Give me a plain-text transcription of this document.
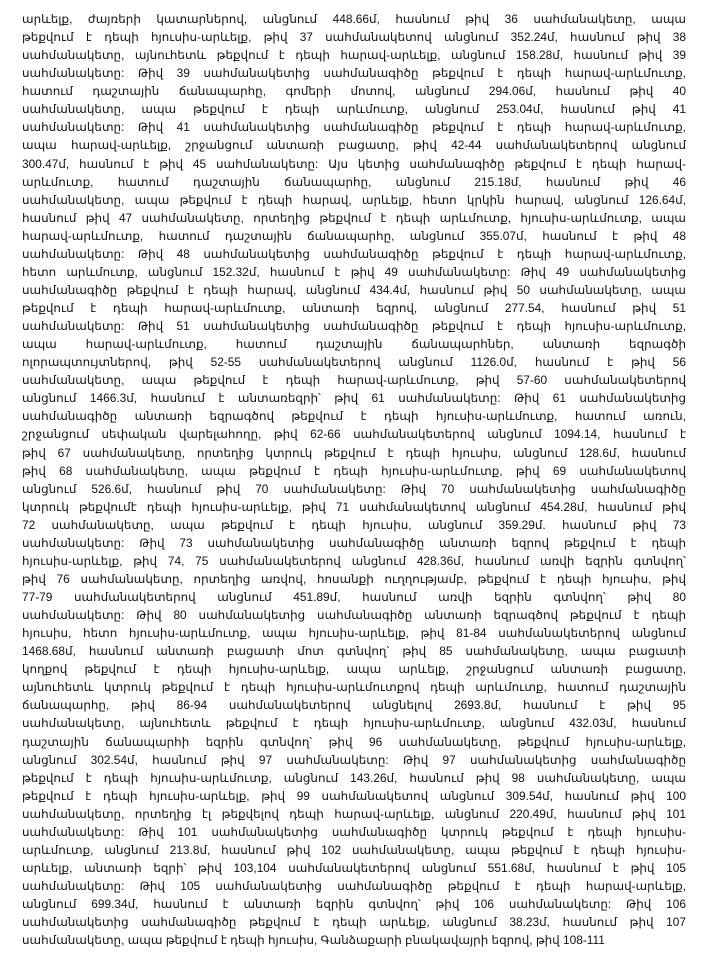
արևելք, ժայռերի կատարներով, անցնում 448.66մ, հասնում թիվ 36 սահմանակետը, ապա
թեքվում է դեպի հյուսիս-արևելք, թիվ 37 սահմանակետով անցնում 352.24մ, հասնում թիվ 38
սահմանակետը, այնուհետև թեքվում է դեպի հարավ-արևելք, անցնում 158.28մ, հասնում թիվ 39
սահմանակետը: Թիվ 39 սահմանակետից սահմանագիծը թեքվում է դեպի հարավ-արևմուտք,
հատում դաշտային ճանապարհը, գոմերի մոտով, անցնում 294.06մ, հասնում թիվ 40
սահմանակետը, ապա թեքվում է դեպի արևմուտք, անցնում 253.04մ, հասնում թիվ 41
սահմանակետը: Թիվ 41 սահմանակետից սահմանագիծը թեքվում է դեպի հարավ-արևմուտք,
ապա հարավ-արևելք, շրջանցում անտառի բացատը, թիվ 42-44 սահմանակետերով անցնում
300.47մ, հասնում է թիվ 45 սահմանակետը: Այս կետից սահմանագիծը թեքվում է դեպի հարավ-
արևմուտք, հատում դաշտային ճանապարհը, անցնում 215.18մ, հասնում թիվ 46
սահմանակետը, ապա թեքվում է դեպի հարավ, արևելք, հետո կրկին հարավ, անցնում 126.64մ,
հասնում թիվ 47 սահմանակետը, որտեղից թեքվում է դեպի արևմուտք, հյուսիս-արևմուտք, ապա
հարավ-արևմուտք, հատում դաշտային ճանապարհը, անցնում 355.07մ, հասնում է թիվ 48
սահմանակետը: Թիվ 48 սահմանակետից սահմանագիծը թեքվում է դեպի հարավ-արևմուտք,
հետո արևմուտք, անցնում 152.32մ, հասնում է թիվ 49 սահմանակետը: Թիվ 49 սահմանակետից
սահմանագիծը թեքվում է դեպի հարավ, անցնում 434.4մ, հասնում թիվ 50 սահմանակետը, ապա
թեքվում է դեպի հարավ-արևմուտք, անտառի եզրով, անցնում 277.54, հասնում թիվ 51
սահմանակետը: Թիվ 51 սահմանակետից սահմանագիծը թեքվում է դեպի հյուսիս-արևմուտք,
ապա հարավ-արևմուտք, հատում դաշտային ճանապարհներ, անտառի եզրագծի
ոլորապտույտներով, թիվ 52-55 սահմանակետերով անցնում 1126.0մ, հասնում է թիվ 56
սահմանակետը, ապա թեքվում է դեպի հարավ-արևմուտք, թիվ 57-60 սահմանակետերով
անցնում 1466.3մ, հասնում է անտառեզրի՝ թիվ 61 սահմանակետը: Թիվ 61 սահմանակետից
սահմանագիծը անտառի եզրագծով թեքվում է դեպի հյուսիս-արևմուտք, հատում առուն,
շրջանցում սեփական վարելահողը, թիվ 62-66 սահմանակետերով անցնում 1094.14, հասնում է
թիվ 67 սահմանակետը, որտեղից կտրուկ թեքվում է դեպի հյուսիս, անցնում 128.6մ, հասնում
թիվ 68 սահմանակետը, ապա թեքվում է դեպի հյուսիս-արևմուտք, թիվ 69 սահմանակետով
անցնում 526.6մ, հասնում թիվ 70 սահմանակետը: Թիվ 70 սահմանակետից սահմանագիծը
կտրուկ թեքվումէ դեպի հյուսիս-արևելք, թիվ 71 սահմանակետով անցնում 454.28մ, հասնում թիվ
72 սահմանակետը, ապա թեքվում է դեպի հյուսիս, անցնում 359.29մ. հասնում թիվ 73
սահմանակետը: Թիվ 73 սահմանակետից սահմանագիծը անտառի եզրով թեքվում է դեպի
հյուսիս-արևելք, թիվ 74, 75 սահմանակետերով անցնում 428.36մ, հասնում առվի եզրին գտնվող՝
թիվ 76 սահմանակետը, որտեղից առվով, հոսանքի ուղղությամբ, թեքվում է դեպի հյուսիս, թիվ
77-79 սահմանակետերով անցնում 451.89մ, հասնում առվի եզրին գտնվող՝ թիվ 80
սահմանակետը: Թիվ 80 սահմանակետից սահմանագիծը անտառի եզրագծով թեքվում է դեպի
հյուսիս, հետո հյուսիս-արևմուտք, ապա հյուսիս-արևելք, թիվ 81-84 սահմանակետերով անցնում
1468.68մ, հասնում անտառի բացատի մոտ գտնվող՝ թիվ 85 սահմանակետը, ապա բացատի
կողքով թեքվում է դեպի հյուսիս-արևելք, ապա արևելք, շրջանցում անտառի բացատը,
այնուհետև կտրուկ թեքվում է դեպի հյուսիս-արևմուտքով դեպի արևմուտք, հատում դաշտային
ճանապարհը, թիվ 86-94 սահմանակետերով անցնելով 2693.8մ, հասնում է թիվ 95
սահմանակետը, այնուհետև թեքվում է դեպի հյուսիս-արևմուտք, անցնում 432.03մ, հասնում
դաշտային ճանապարհի եզրին գտնվող՝ թիվ 96 սահմանակետը, թեքվում հյուսիս-արևելք,
անցնում 302.54մ, հասնում թիվ 97 սահմանակետը: Թիվ 97 սահմանակետից սահմանագիծը
թեքվում է դեպի հյուսիս-արևմուտք, անցնում 143.26մ, հասնում թիվ 98 սահմանակետը, ապա
թեքվում է դեպի հյուսիս-արևելք, թիվ 99 սահմանակետով անցնում 309.54մ, հասնում թիվ 100
սահմանակետը, որտեղից էլ թեքվելով դեպի հարավ-արևելք, անցնում 220.49մ, հասնում թիվ 101
սահմանակետը: Թիվ 101 սահմանակետից սահմանագիծը կտրուկ թեքվում է դեպի հյուսիս-
արևմուտք, անցնում 213.8մ, հասնում թիվ 102 սահմանակետը, ապա թեքվում է դեպի հյուսիս-
արևելք, անտառի եզրի՝ թիվ 103,104 սահմանակետերով անցնում 551.68մ, հասնում է թիվ 105
սահմանակետը: Թիվ 105 սահմանակետից սահմանագիծը թեքվում է դեպի հարավ-արևելք,
անցնում 699.34մ, հասնում է անտառի եզրին գտնվող՝ թիվ 106 սահմանակետը: Թիվ 106
սահմանակետից սահմանագիծը թեքվում է դեպի արևելք, անցնում 38.23մ, հասնում թիվ 107
սահմանակետը, ապա թեքվում է դեպի հյուսիս, Գանձաքարի բնակավայրի եզրով, թիվ 108-111
